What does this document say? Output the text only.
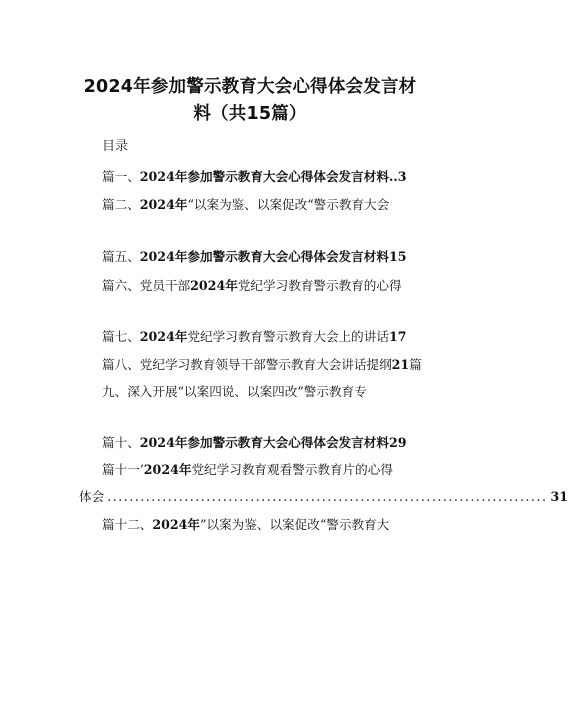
2024年参加警示教育大会心得体会发言材
料（共15篇）
目录
篇一、2024年参加警示教育大会心得体会发言材料..3
篇二、2024年“以案为鉴、以案促改“警示教育大会
篇五、2024年参加警示教育大会心得体会发言材料15
篇六、党员干部2024年党纪学习教育警示教育的心得
篇七、2024年党纪学习教育警示教育大会上的讲话17
篇八、党纪学习教育领导干部警示教育大会讲话提纲21篇
九、深入开展“以案四说、以案四改”警示教育专
篇十、2024年参加警示教育大会心得体会发言材料29
篇十一’2024年党纪学习教育观看警示教育片的心得
体会 ................................................................................ 31
篇十二、2024年”以案为鉴、以案促改“警示教育大
